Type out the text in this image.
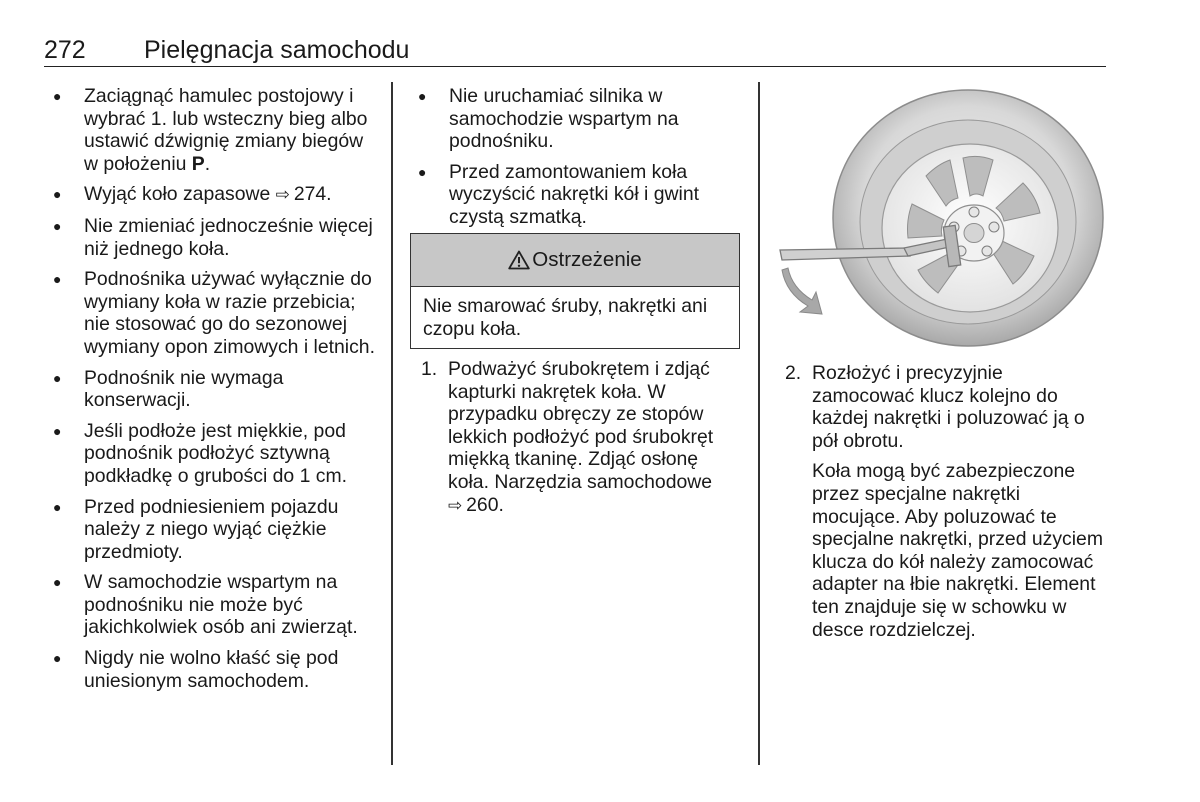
272 Pielęgnacja samochodu
● Zaciągnąć hamulec postojowy i wybrać 1. lub wsteczny bieg albo ustawić dźwignię zmiany biegów w położeniu P.
● Wyjąć koło zapasowe ⇨  274.
● Nie zmieniać jednocześnie więcej niż jednego koła.
● Podnośnika używać wyłącznie do wymiany koła w razie przebicia; nie stosować go do sezonowej wymiany opon zimowych i letnich.
● Podnośnik nie wymaga konserwacji.
● Jeśli podłoże jest miękkie, pod podnośnik podłożyć sztywną podkładkę o grubości do 1 cm.
● Przed podniesieniem pojazdu należy z niego wyjąć ciężkie przedmioty.
● W samochodzie wspartym na podnośniku nie może być jakichkolwiek osób ani zwierząt.
● Nigdy nie wolno kłaść się pod uniesionym samochodem.
● Nie uruchamiać silnika w samochodzie wspartym na podnośniku.
● Przed zamontowaniem koła wyczyścić nakrętki kół i gwint czystą szmatką.
Ostrzeżenie
Nie smarować śruby, nakrętki ani czopu koła.
1. Podważyć śrubokrętem i zdjąć kapturki nakrętek koła. W przypadku obręczy ze stopów lekkich podłożyć pod śrubokręt miękką tkaninę. Zdjąć osłonę koła. Narzędzia samochodowe ⇨  260.
2. Rozłożyć i precyzyjnie zamocować klucz kolejno do każdej nakrętki i poluzować ją o pół obrotu.
Koła mogą być zabezpieczone przez specjalne nakrętki mocujące. Aby poluzować te specjalne nakrętki, przed użyciem klucza do kół należy zamocować adapter na łbie nakrętki. Element ten znajduje się w schowku w desce rozdzielczej.
